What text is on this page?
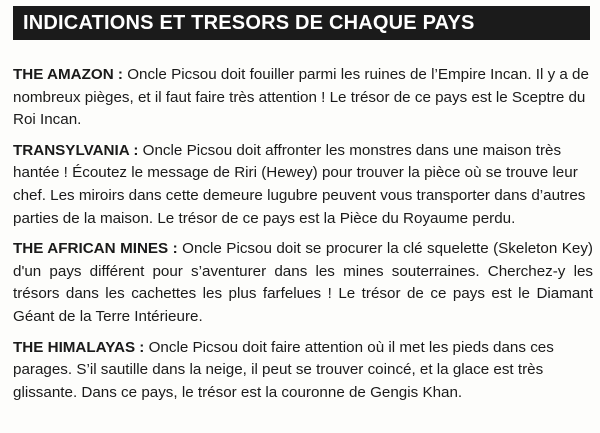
INDICATIONS ET TRESORS DE CHAQUE PAYS

THE AMAZON : Oncle Picsou doit fouiller parmi les ruines de l’Empire Incan. Il y a de nombreux pièges, et il faut faire très attention ! Le trésor de ce pays est le Sceptre du Roi Incan.

TRANSYLVANIA : Oncle Picsou doit affronter les monstres dans une maison très hantée ! Écoutez le message de Riri (Hewey) pour trouver la pièce où se trouve leur chef. Les miroirs dans cette demeure lugubre peuvent vous transporter dans d’autres parties de la maison. Le trésor de ce pays est la Pièce du Royaume perdu.

THE AFRICAN MINES : Oncle Picsou doit se procurer la clé squelette (Skeleton Key) d'un pays différent pour s’aventurer dans les mines souterraines. Cherchez-y les trésors dans les cachettes les plus farfelues ! Le trésor de ce pays est le Diamant Géant de la Terre Intérieure.

THE HIMALAYAS : Oncle Picsou doit faire attention où il met les pieds dans ces parages. S’il sautille dans la neige, il peut se trouver coincé, et la glace est très glissante. Dans ce pays, le trésor est la couronne de Gengis Khan.
